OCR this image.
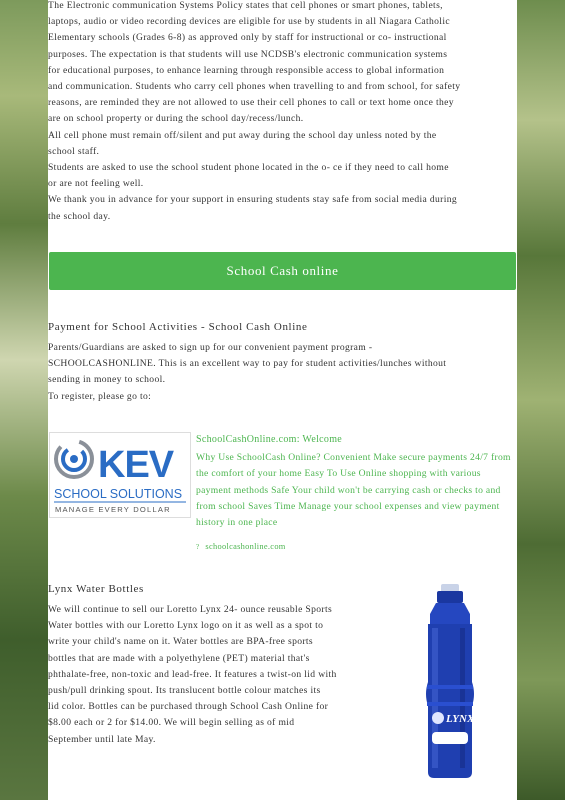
The Electronic communication Systems Policy states that cell phones or smart phones, tablets,

laptops, audio or video recording devices are eligible for use by students in all Niagara Catholic

Elementary schools (Grades 6-8) as approved only by staff for instructional or co- instructional

purposes. The expectation is that students will use NCDSB's electronic communication systems

for educational purposes, to enhance learning through responsible access to global information

and communication. Students who carry cell phones when travelling to and from school, for safety

reasons, are reminded they are not allowed to use their cell phones to call or text home once they

are on school property or during the school day/recess/lunch.

All cell phone must remain off/silent and put away during the school day unless noted by the

school staff.

Students are asked to use the school student phone located in the o- ce if they need to call home

or are not feeling well.

We thank you in advance for your support in ensuring students stay safe from social media during

the school day.

School Cash online

Payment for School Activities - School Cash Online

Parents/Guardians are asked to sign up for our convenient payment program -

SCHOOLCASHONLINE. This is an excellent way to pay for student activities/lunches without

sending in money to school.

To register, please go to:

KEV
SCHOOL SOLUTIONS
MANAGE EVERY DOLLAR
SchoolCashOnline.com: Welcome

Why Use SchoolCash Online? Convenient Make secure payments 24/7 from the comfort of your home Easy To Use Online shopping with various payment methods Safe Your child won't be carrying cash or checks to and from school Saves Time Manage your school expenses and view payment history in one place

? schoolcashonline.com

Lynx Water Bottles

We will continue to sell our Loretto Lynx 24- ounce reusable Sports

Water bottles with our Loretto Lynx logo on it as well as a spot to

write your child's name on it. Water bottles are BPA-free sports

bottles that are made with a polyethylene (PET) material that's

phthalate-free, non-toxic and lead-free. It features a twist-on lid with

push/pull drinking spout. Its translucent bottle colour matches its

lid color. Bottles can be purchased through School Cash Online for

$8.00 each or 2 for $14.00. We will begin selling as of mid

September until late May.

LYNX
